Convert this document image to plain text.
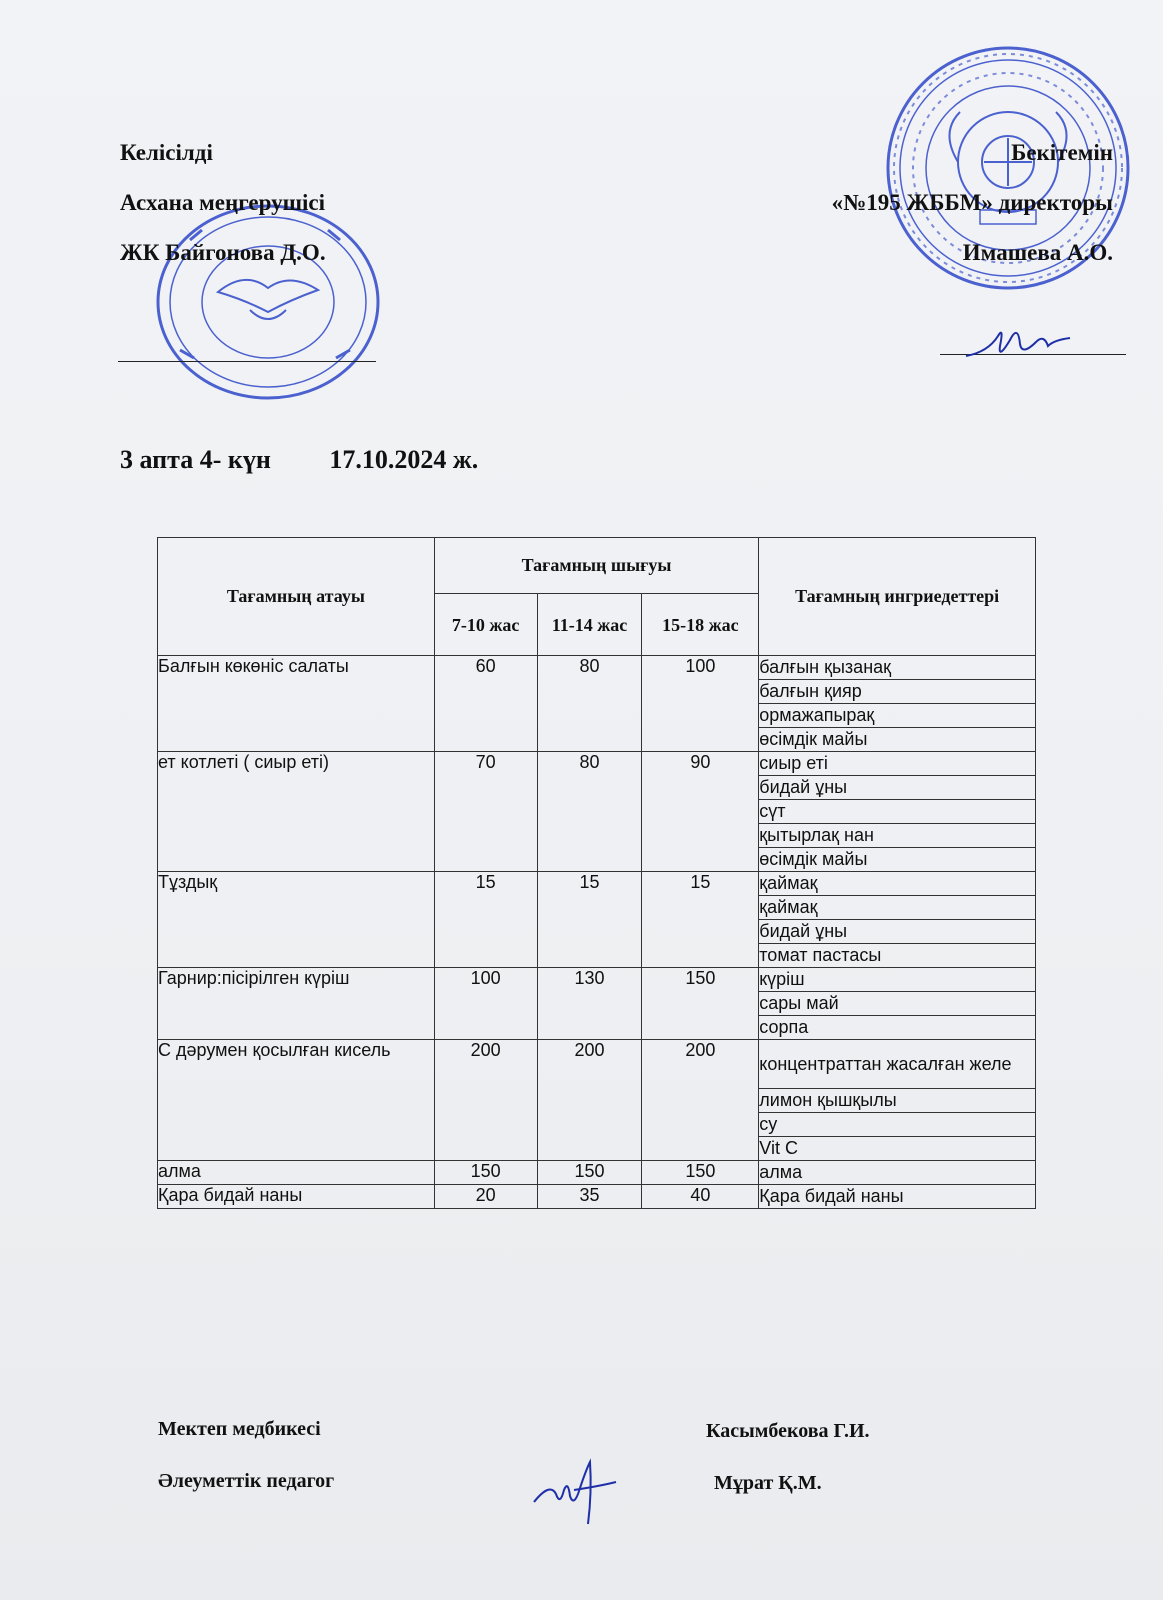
Келісілді
Асхана меңгерушісі
ЖК Байгонова Д.О.
Бекітемін
«№195 ЖББМ» директоры
Имашева А.О.
3 апта 4- күн 17.10.2024 ж.
Тағамның атауы	Тағамның шығуы			Тағамның ингриедеттері
	7-10 жас	11-14 жас	15-18 жас	
Балғын көкөніс салаты	60	80	100	балғын қызанақ
				балғын қияр
				ормажапырақ
				өсімдік майы
ет котлеті ( сиыр еті)	70	80	90	сиыр еті
				бидай ұны
				сүт
				қытырлақ нан
				өсімдік майы
Тұздық	15	15	15	қаймақ
				қаймақ
				бидай ұны
				томат пастасы
Гарнир:пісірілген күріш	100	130	150	күріш
				сары май
				сорпа
С дәрумен қосылған кисель	200	200	200	концентраттан жасалған желе
				лимон қышқылы
				су
				Vit C
алма	150	150	150	алма
Қара бидай наны	20	35	40	Қара бидай наны
Мектеп медбикесі	Касымбекова Г.И.
Әлеуметтік педагог	Мұрат Қ.М.
